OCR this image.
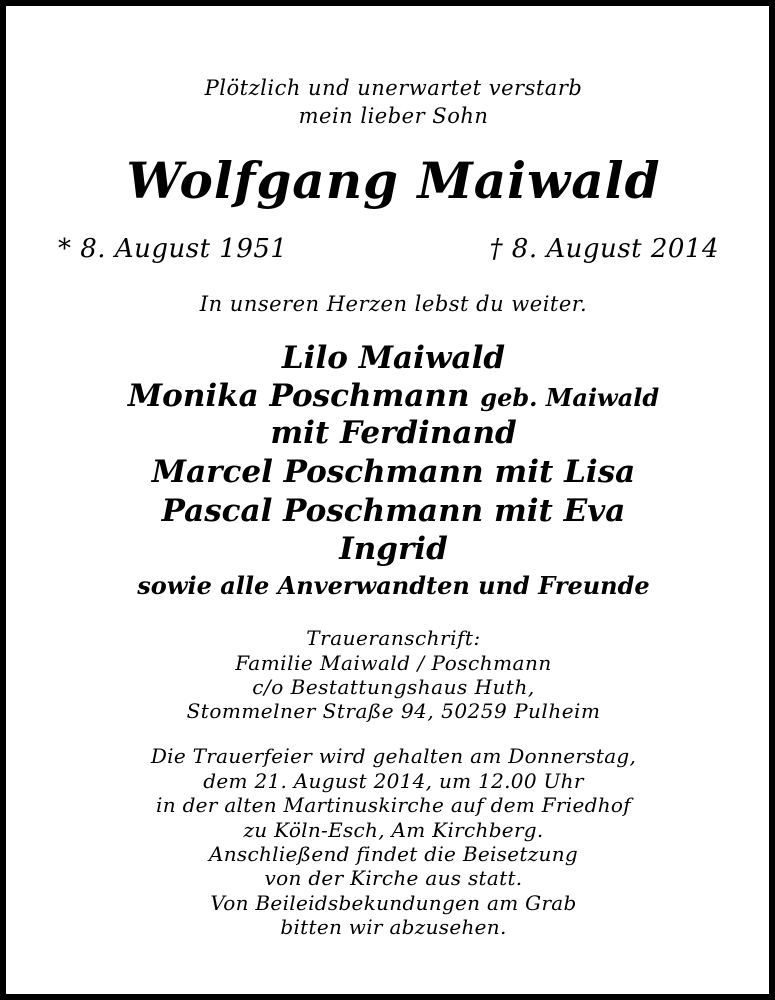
Plötzlich und unerwartet verstarb
mein lieber Sohn
Wolfgang Maiwald
* 8. August 1951	† 8. August 2014
In unseren Herzen lebst du weiter.
Lilo Maiwald
Monika Poschmann geb. Maiwald
mit Ferdinand
Marcel Poschmann mit Lisa
Pascal Poschmann mit Eva
Ingrid
sowie alle Anverwandten und Freunde
Traueranschrift:
Familie Maiwald / Poschmann
c/o Bestattungshaus Huth,
Stommelner Straße 94, 50259 Pulheim
Die Trauerfeier wird gehalten am Donnerstag,
dem 21. August 2014, um 12.00 Uhr
in der alten Martinuskirche auf dem Friedhof
zu Köln-Esch, Am Kirchberg.
Anschließend findet die Beisetzung
von der Kirche aus statt.
Von Beileidsbekundungen am Grab
bitten wir abzusehen.
